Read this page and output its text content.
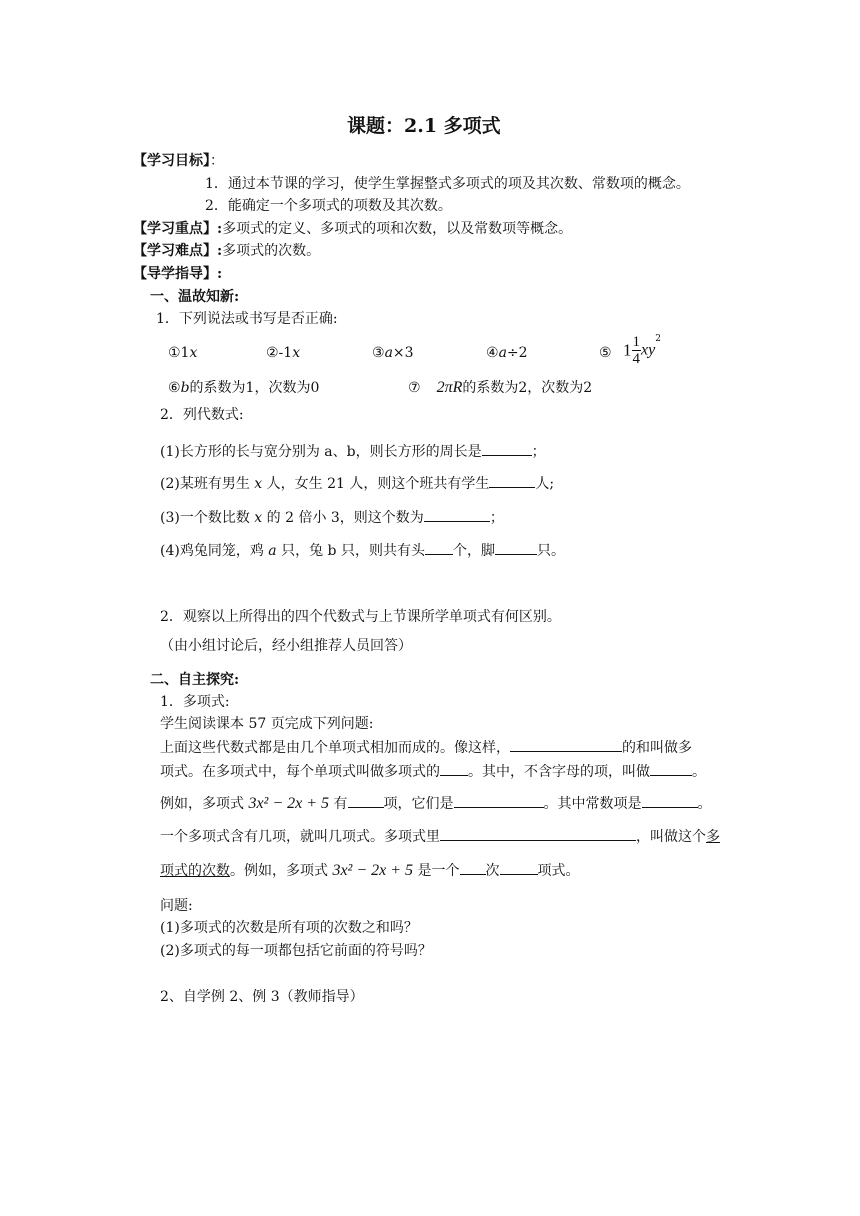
课题：2.1 多项式
【学习目标】：
1．通过本节课的学习，使学生掌握整式多项式的项及其次数、常数项的概念。
2．能确定一个多项式的项数及其次数。
【学习重点】:多项式的定义、多项式的项和次数，以及常数项等概念。
【学习难点】:多项式的次数。
【导学指导】:
一、温故知新:
1．下列说法或书写是否正确:
①1x	②-1x	③a×3	④a÷2	⑤ $1 \frac{1}{4} xy^2$
⑥b的系数为1，次数为0	⑦ 2πR的系数为2，次数为2
2．列代数式:
(1)长方形的长与宽分别为 a、b，则长方形的周长是	；
(2)某班有男生 x 人，女生 21 人，则这个班共有学生	人;
(3)一个数比数 x 的 2 倍小 3，则这个数为	；
(4)鸡兔同笼，鸡 a 只，兔 b 只，则共有头 个，脚	只。
2．观察以上所得出的四个代数式与上节课所学单项式有何区别。
（由小组讨论后，经小组推荐人员回答）
二、自主探究:
1．多项式:
学生阅读课本 57 页完成下列问题:
上面这些代数式都是由几个单项式相加而成的。像这样，	的和叫做多
项式。在多项式中，每个单项式叫做多项式的 。其中，不含字母的项，叫做	。
例如，多项式 3x² − 2x + 5 有	项，它们是	。其中常数项是	。
一个多项式含有几项，就叫几项式。多项式里	，叫做这个多
项式的次数。例如，多项式 3x² − 2x + 5 是一个 次	项式。
问题:
(1)多项式的次数是所有项的次数之和吗？
(2)多项式的每一项都包括它前面的符号吗？
2、自学例 2、例 3（教师指导）
